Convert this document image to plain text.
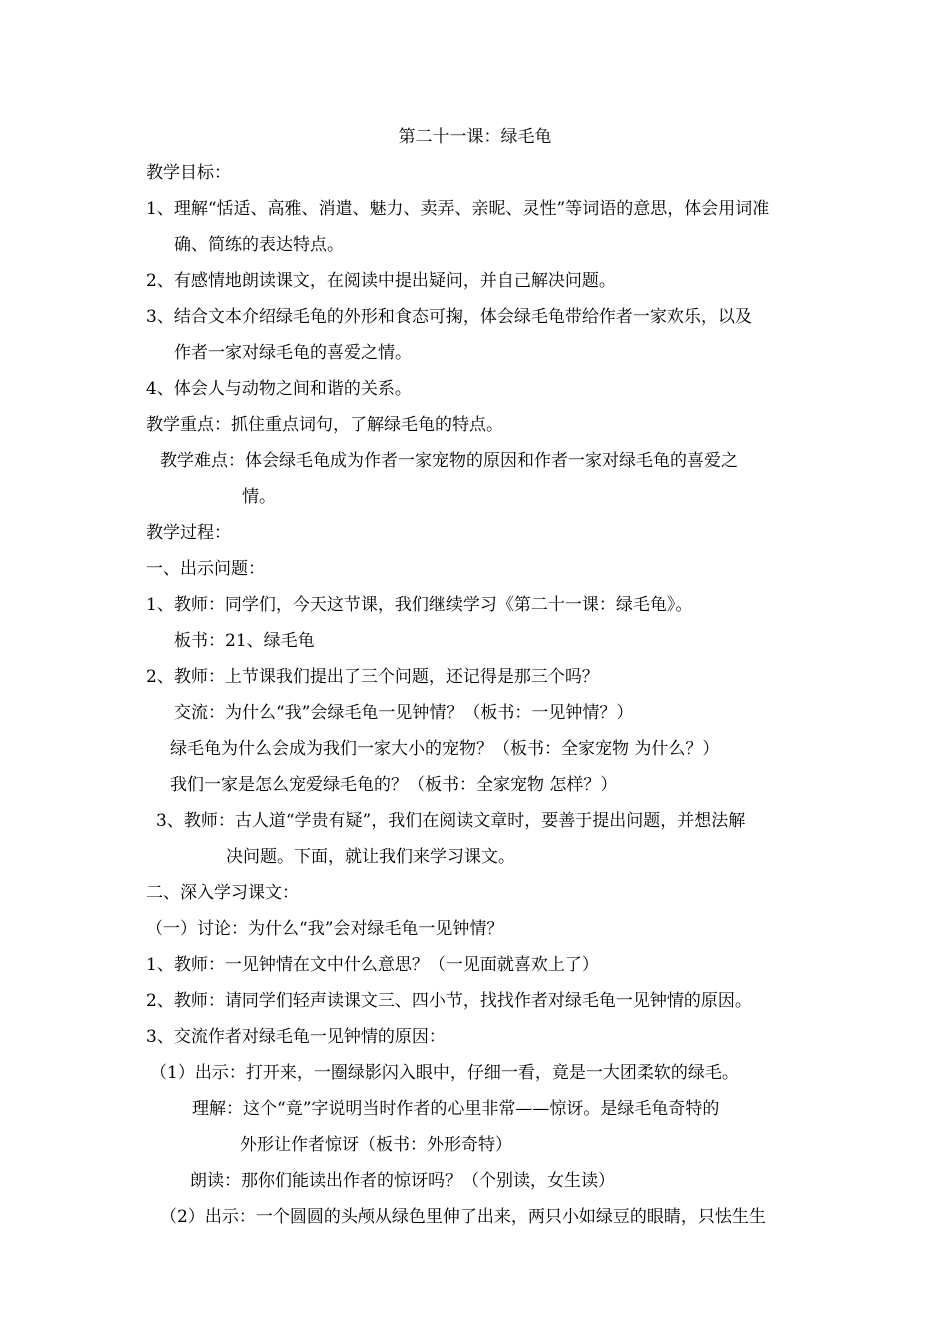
第二十一课：绿毛龟
教学目标：
1、理解“恬适、高雅、消遣、魅力、卖弄、亲昵、灵性”等词语的意思，体会用词准
确、简练的表达特点。
2、有感情地朗读课文，在阅读中提出疑问，并自己解决问题。
3、结合文本介绍绿毛龟的外形和食态可掬，体会绿毛龟带给作者一家欢乐，以及
作者一家对绿毛龟的喜爱之情。
4、体会人与动物之间和谐的关系。
教学重点：抓住重点词句，了解绿毛龟的特点。
教学难点：体会绿毛龟成为作者一家宠物的原因和作者一家对绿毛龟的喜爱之
情。
教学过程：
一、出示问题：
1、教师：同学们，今天这节课，我们继续学习《第二十一课：绿毛龟》。
板书：21、绿毛龟
2、教师：上节课我们提出了三个问题，还记得是那三个吗？
交流：为什么“我”会绿毛龟一见钟情？（板书：一见钟情？）
绿毛龟为什么会成为我们一家大小的宠物？（板书：全家宠物 为什么？）
我们一家是怎么宠爱绿毛龟的？（板书：全家宠物 怎样？）
3、教师：古人道“学贵有疑”，我们在阅读文章时，要善于提出问题，并想法解
决问题。下面，就让我们来学习课文。
二、深入学习课文：
（一）讨论：为什么“我”会对绿毛龟一见钟情？
1、教师：一见钟情在文中什么意思？（一见面就喜欢上了）
2、教师：请同学们轻声读课文三、四小节，找找作者对绿毛龟一见钟情的原因。
3、交流作者对绿毛龟一见钟情的原因：
（1）出示：打开来，一圈绿影闪入眼中，仔细一看，竟是一大团柔软的绿毛。
理解：这个“竟”字说明当时作者的心里非常——惊讶。是绿毛龟奇特的
外形让作者惊讶（板书：外形奇特）
朗读：那你们能读出作者的惊讶吗？（个别读，女生读）
（2）出示：一个圆圆的头颅从绿色里伸了出来，两只小如绿豆的眼睛，只怯生生
